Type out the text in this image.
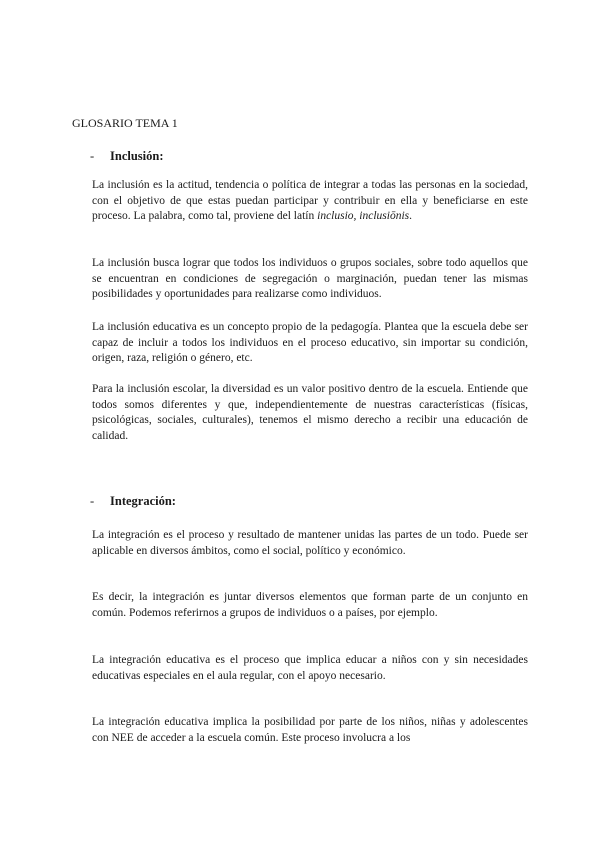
GLOSARIO TEMA 1
- Inclusión:

La inclusión es la actitud, tendencia o política de integrar a todas las personas en la sociedad, con el objetivo de que estas puedan participar y contribuir en ella y beneficiarse en este proceso. La palabra, como tal, proviene del latín inclusio, inclusiōnis.

La inclusión busca lograr que todos los individuos o grupos sociales, sobre todo aquellos que se encuentran en condiciones de segregación o marginación, puedan tener las mismas posibilidades y oportunidades para realizarse como individuos.

La inclusión educativa es un concepto propio de la pedagogía. Plantea que la escuela debe ser capaz de incluir a todos los individuos en el proceso educativo, sin importar su condición, origen, raza, religión o género, etc.

Para la inclusión escolar, la diversidad es un valor positivo dentro de la escuela. Entiende que todos somos diferentes y que, independientemente de nuestras características (físicas, psicológicas, sociales, culturales), tenemos el mismo derecho a recibir una educación de calidad.

- Integración:

La integración es el proceso y resultado de mantener unidas las partes de un todo. Puede ser aplicable en diversos ámbitos, como el social, político y económico.

Es decir, la integración es juntar diversos elementos que forman parte de un conjunto en común. Podemos referirnos a grupos de individuos o a países, por ejemplo.

La integración educativa es el proceso que implica educar a niños con y sin necesidades educativas especiales en el aula regular, con el apoyo necesario.

La integración educativa implica la posibilidad por parte de los niños, niñas y adolescentes con NEE de acceder a la escuela común. Este proceso involucra a los
